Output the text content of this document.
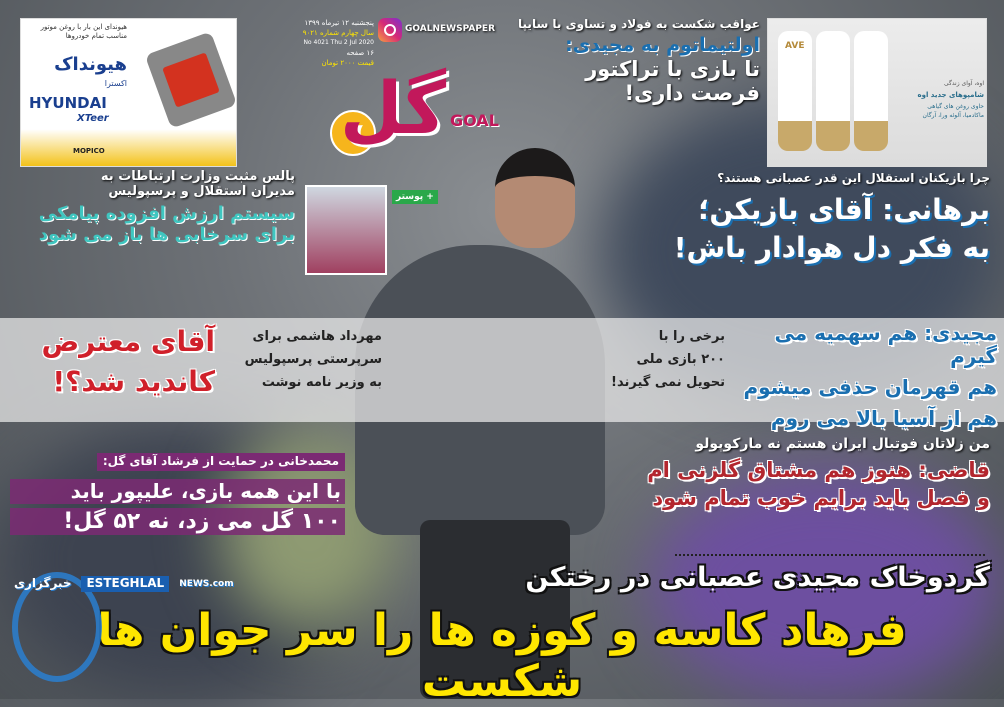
هیوندای این بار با روغن موتور مناسب تمام خودروها
هیونداک
اکسترا
HYUNDAI
XTeer
MOPICO
AVE
اوه، آوای زندگی
شامپوهای جدید اوه
حاوی روغن های گیاهی
ماکادمیا، آلوئه ورا، آرگان
پنجشنبه ۱۲ تیرماه ۱۳۹۹
سال چهارم شماره ۹۰۲۱
No 4021 Thu 2 Jul 2020
۱۶ صفحه
قیمت ۲۰۰۰ تومان
GOALNEWSPAPER
گل GOAL
+ پوستر
عواقب شکست به فولاد و تساوی با سایپا
اولتیماتوم به مجیدی:
تا بازی با تراکتور
فرصت داری!
چرا بازیکنان استقلال این قدر عصبانی هستند؟
برهانی: آقای بازیکن؛
به فکر دل هوادار باش!
پالس مثبت وزارت ارتباطات به
مدیران استقلال و پرسپولیس
سیستم ارزش افزوده پیامکی
برای سرخابی ها باز می شود
مجیدی: هم سهمیه می گیرم
هم قهرمان حذفی میشوم
هم از آسیا بالا می روم
برخی را با
۲۰۰ بازی ملی
تحویل نمی گیرند!
مهرداد هاشمی برای
سرپرستی پرسپولیس
به وزیر نامه نوشت
آقای معترض
کاندید شد؟!
محمدخانی در حمایت از فرشاد آقای گل:
با این همه بازی، علیپور باید
۱۰۰ گل می زد، نه ۵۲ گل!
من زلاتان فوتبال ایران هستم نه مارکوپولو
قاضی: هنوز هم مشتاق گلزنی ام
و فصل باید برایم خوب تمام شود
گردوخاک مجیدی عصبانی در رختکن
فرهاد کاسه و کوزه ها را سر جوان ها شکست
خبرگزاری	ESTEGHLAL	NEWS.com
